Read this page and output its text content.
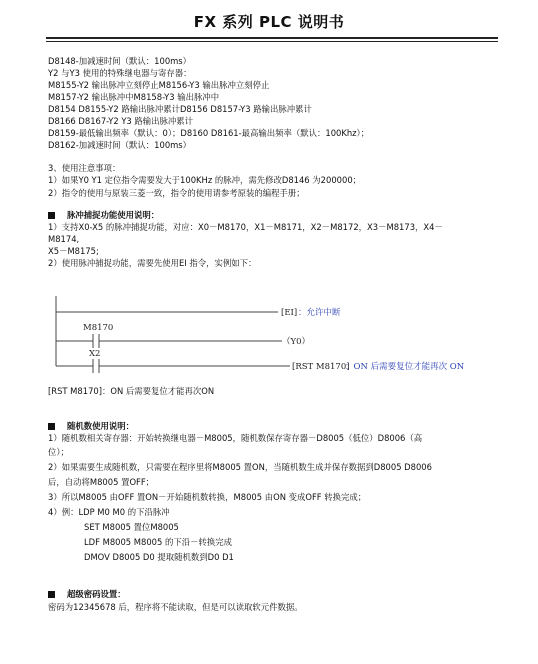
FX 系列 PLC 说明书
D8148-加减速时间（默认：100ms）
Y2 与Y3 使用的特殊继电器与寄存器：
M8155-Y2 输出脉冲立刻停止M8156-Y3 输出脉冲立刻停止
M8157-Y2 输出脉冲中M8158-Y3 输出脉冲中
D8154 D8155-Y2 路输出脉冲累计D8156 D8157-Y3 路输出脉冲累计
D8166 D8167-Y2 Y3 路输出脉冲累计
D8159-最低输出频率（默认：0）；D8160 D8161-最高输出频率（默认：100Khz）；
D8162-加减速时间（默认：100ms）
3、使用注意事项：
1）如果Y0 Y1 定位指令需要发大于100KHz 的脉冲，需先修改D8146 为200000；
2）指令的使用与原装三菱一致，指令的使用请参考原装的编程手册；
脉冲捕捉功能使用说明：
1）支持X0-X5 的脉冲捕捉功能，对应：X0－M8170，X1－M8171，X2－M8172，X3－M8173，X4－
M8174,
X5－M8175;
2）使用脉冲捕捉功能，需要先使用EI 指令，实例如下：
[EI] ：允许中断
M8170
（Y0）
X2
[RST M8170]
：ON 后需要复位才能再次 ON
[RST M8170]：ON 后需要复位才能再次ON
随机数使用说明：
1）随机数相关寄存器：开始转换继电器－M8005，随机数保存寄存器－D8005（低位）D8006（高
位）；
2）如果需要生成随机数，只需要在程序里将M8005 置ON，当随机数生成并保存数据到D8005 D8006
后，自动将M8005 置OFF；
3）所以M8005 由OFF 置ON－开始随机数转换，M8005 由ON 变成OFF 转换完成；
4）例：LDP M0 M0 的下沿脉冲
SET M8005 置位M8005
LDF M8005 M8005 的下沿－转换完成
DMOV D8005 D0 提取随机数到D0 D1
超级密码设置：
密码为12345678 后，程序将不能读取，但是可以读取软元件数据。
